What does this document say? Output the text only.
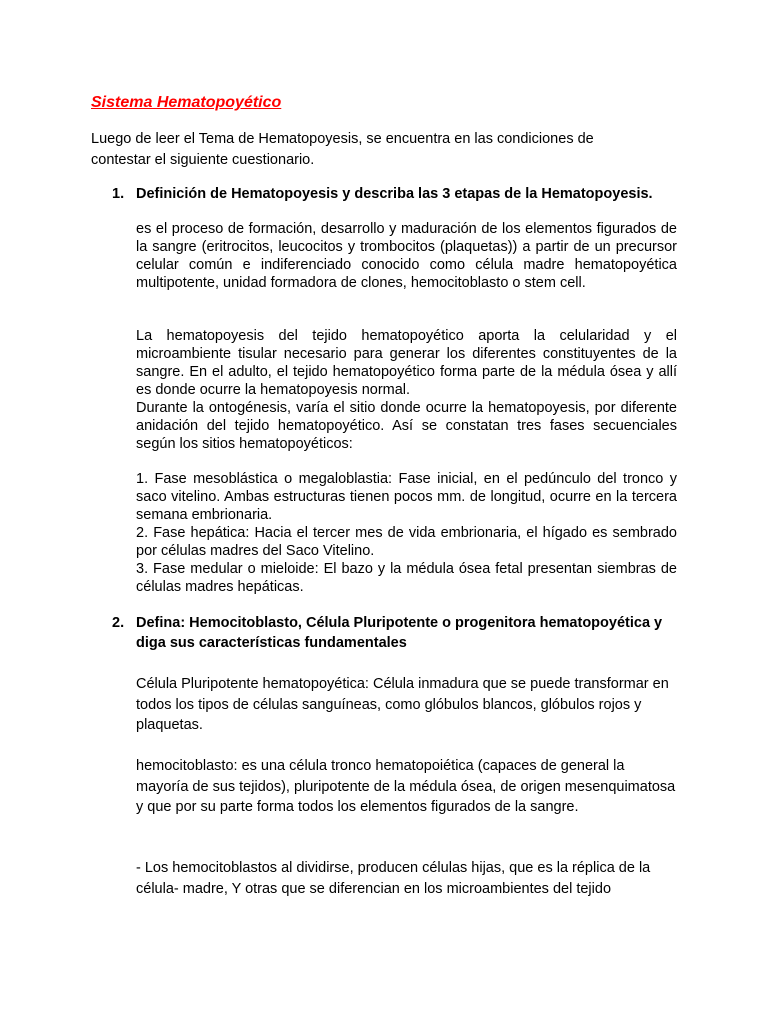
Sistema Hematopoyético

Luego de leer el Tema de Hematopoyesis, se encuentra en las condiciones de contestar el siguiente cuestionario.

1. Definición de Hematopoyesis y describa las 3 etapas de la Hematopoyesis.

es el proceso de formación, desarrollo y maduración de los elementos figurados de la sangre (eritrocitos, leucocitos y trombocitos (plaquetas)) a partir de un precursor celular común e indiferenciado conocido como célula madre hematopoyética multipotente, unidad formadora de clones, hemocitoblasto o stem cell.

La hematopoyesis del tejido hematopoyético aporta la celularidad y el microambiente tisular necesario para generar los diferentes constituyentes de la sangre. En el adulto, el tejido hematopoyético forma parte de la médula ósea y allí es donde ocurre la hematopoyesis normal.

Durante la ontogénesis, varía el sitio donde ocurre la hematopoyesis, por diferente anidación del tejido hematopoyético. Así se constatan tres fases secuenciales según los sitios hematopoyéticos:

1. Fase mesoblástica o megaloblastia: Fase inicial, en el pedúnculo del tronco y saco vitelino. Ambas estructuras tienen pocos mm. de longitud, ocurre en la tercera semana embrionaria.

2. Fase hepática: Hacia el tercer mes de vida embrionaria, el hígado es sembrado por células madres del Saco Vitelino.

3. Fase medular o mieloide: El bazo y la médula ósea fetal presentan siembras de células madres hepáticas.

2. Defina: Hemocitoblasto, Célula Pluripotente o progenitora hematopoyética y diga sus características fundamentales

Célula Pluripotente hematopoyética: Célula inmadura que se puede transformar en todos los tipos de células sanguíneas, como glóbulos blancos, glóbulos rojos y plaquetas.

hemocitoblasto: es una célula tronco hematopoiética (capaces de general la mayoría de sus tejidos), pluripotente de la médula ósea, de origen mesenquimatosa y que por su parte forma todos los elementos figurados de la sangre.

- Los hemocitoblastos al dividirse, producen células hijas, que es la réplica de la célula- madre, Y otras que se diferencian en los microambientes del tejido
